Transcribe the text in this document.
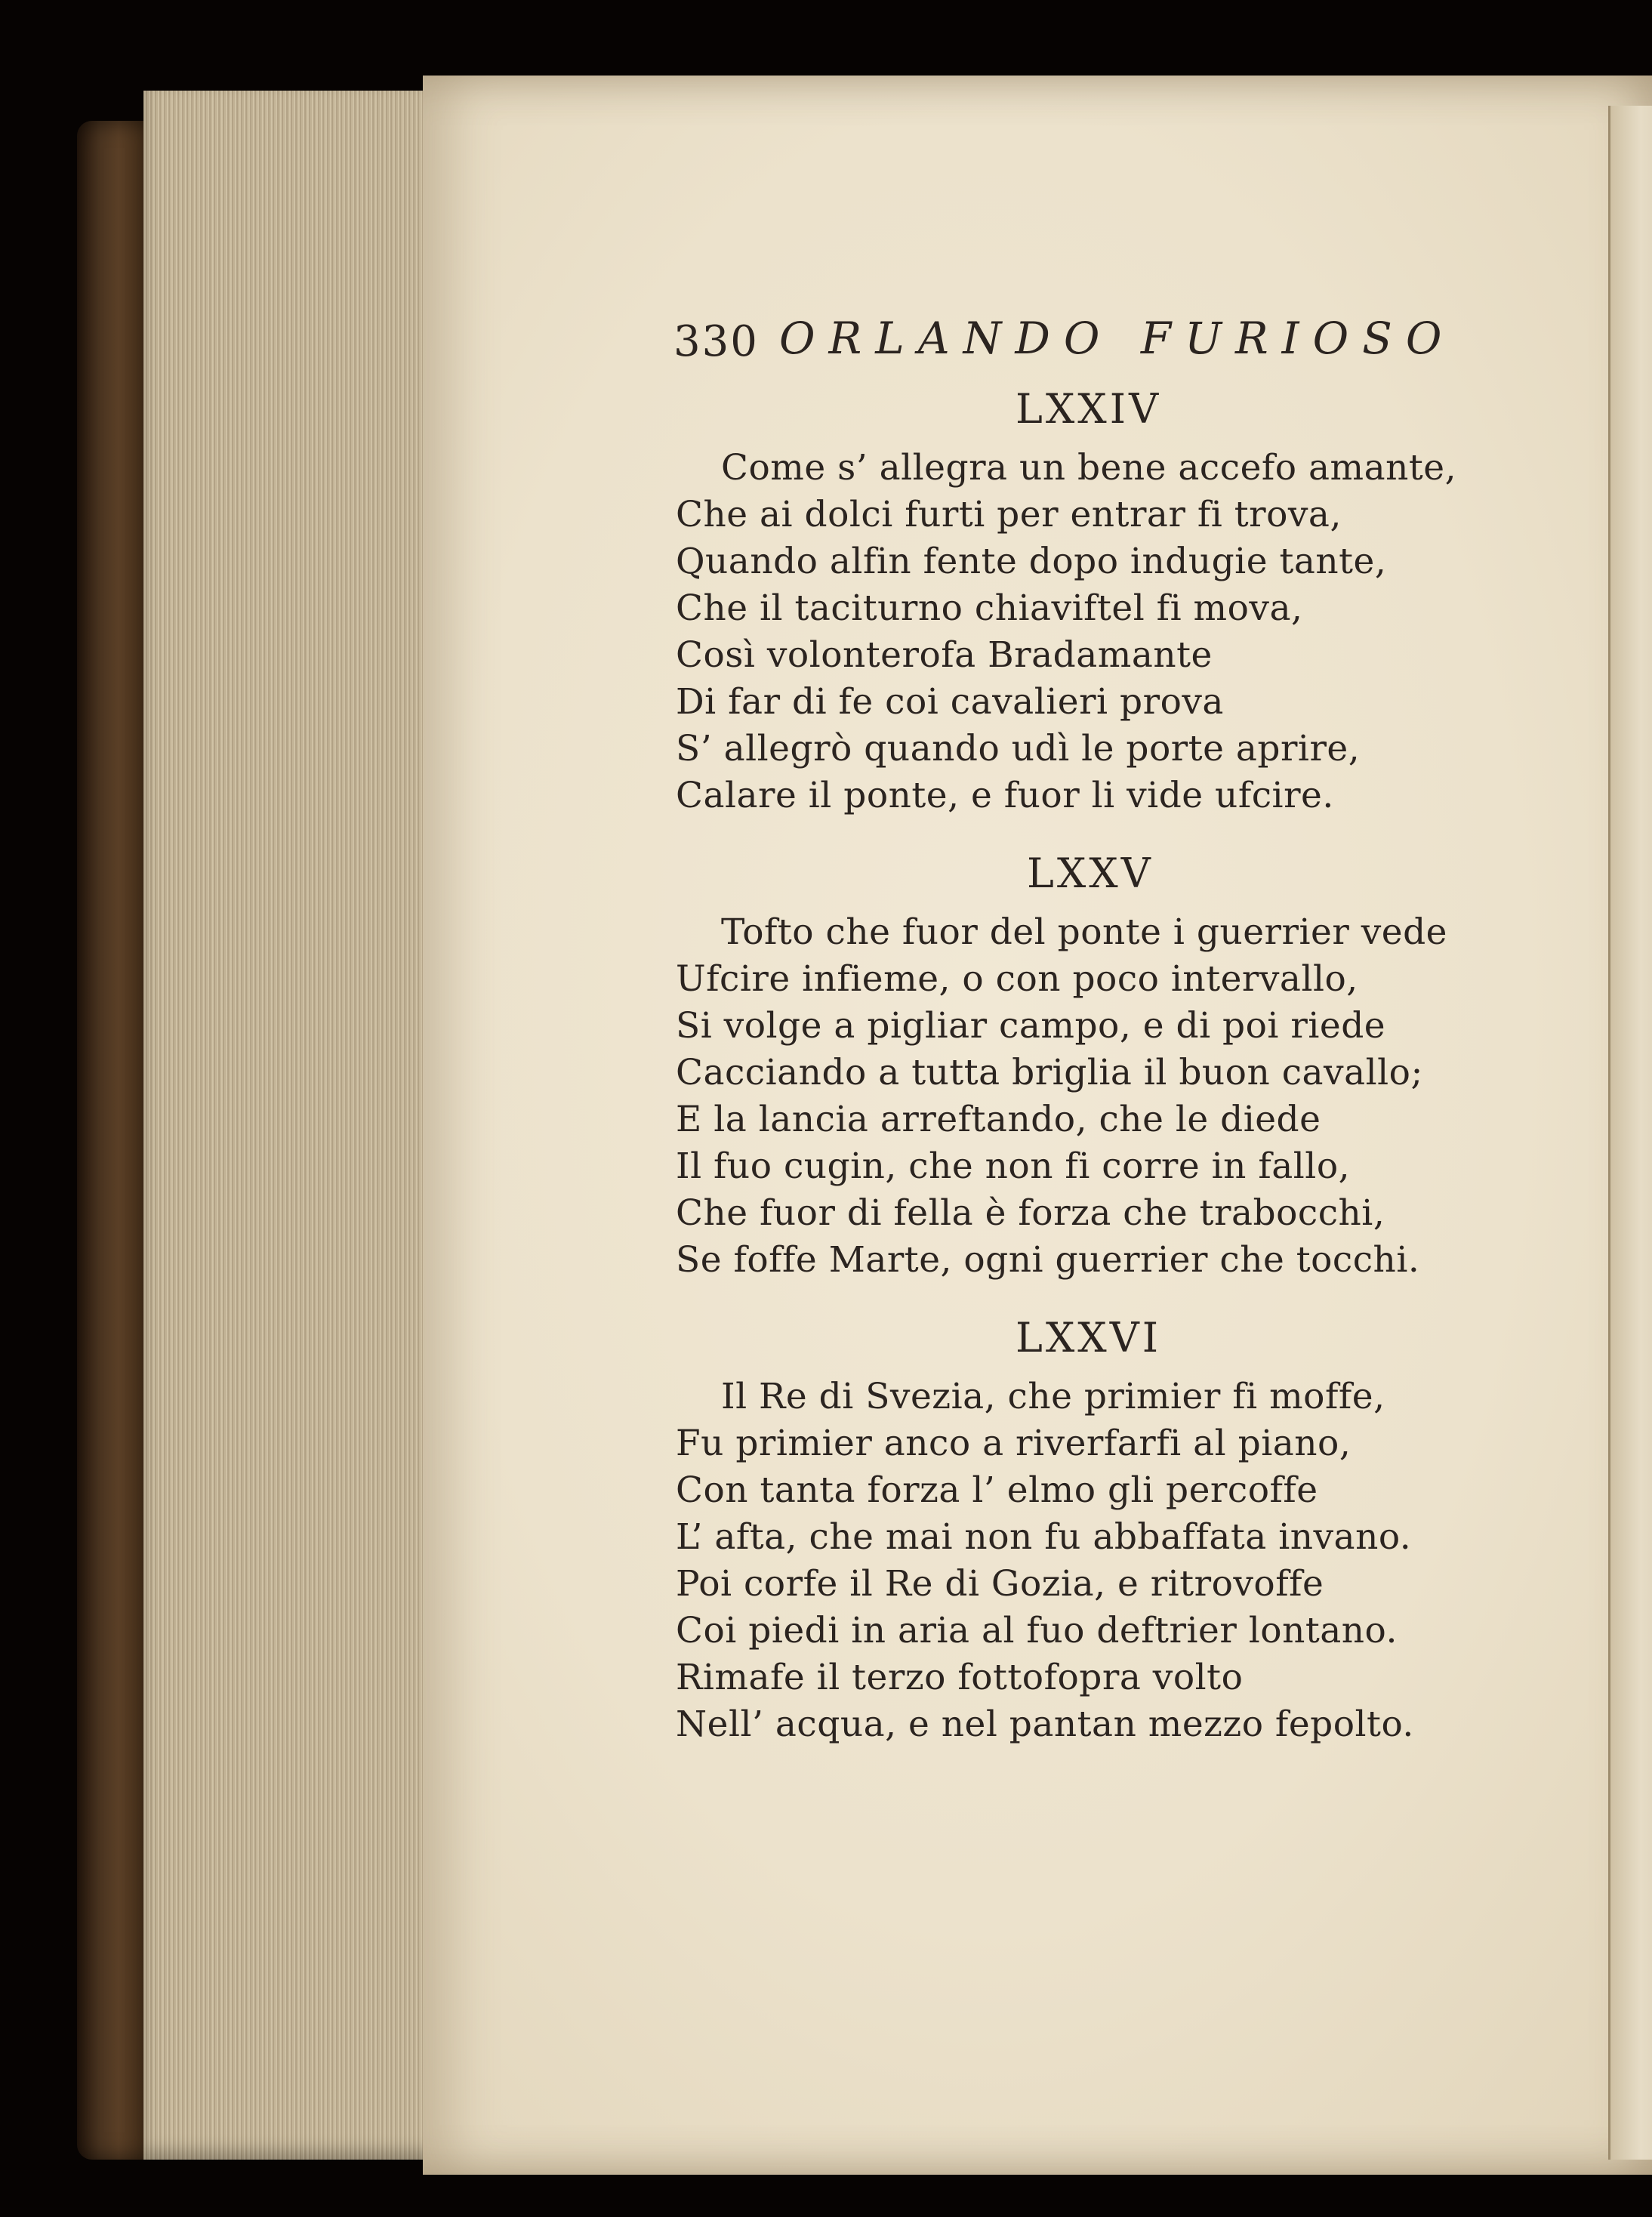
330 ORLANDO FURIOSO
LXXIV
Come s’ allegra un bene accefo amante,
Che ai dolci furti per entrar fi trova,
Quando alfin fente dopo indugie tante,
Che il taciturno chiaviftel fi mova,
Così volonterofa Bradamante
Di far di fe coi cavalieri prova
S’ allegrò quando udì le porte aprire,
Calare il ponte, e fuor li vide ufcire.
LXXV
Tofto che fuor del ponte i guerrier vede
Ufcire infieme, o con poco intervallo,
Si volge a pigliar campo, e di poi riede
Cacciando a tutta briglia il buon cavallo;
E la lancia arreftando, che le diede
Il fuo cugin, che non fi corre in fallo,
Che fuor di fella è forza che trabocchi,
Se foffe Marte, ogni guerrier che tocchi.
LXXVI
Il Re di Svezia, che primier fi moffe,
Fu primier anco a riverfarfi al piano,
Con tanta forza l’ elmo gli percoffe
L’ afta, che mai non fu abbaffata invano.
Poi corfe il Re di Gozia, e ritrovoffe
Coi piedi in aria al fuo deftrier lontano.
Rimafe il terzo fottofopra volto
Nell’ acqua, e nel pantan mezzo fepolto.
